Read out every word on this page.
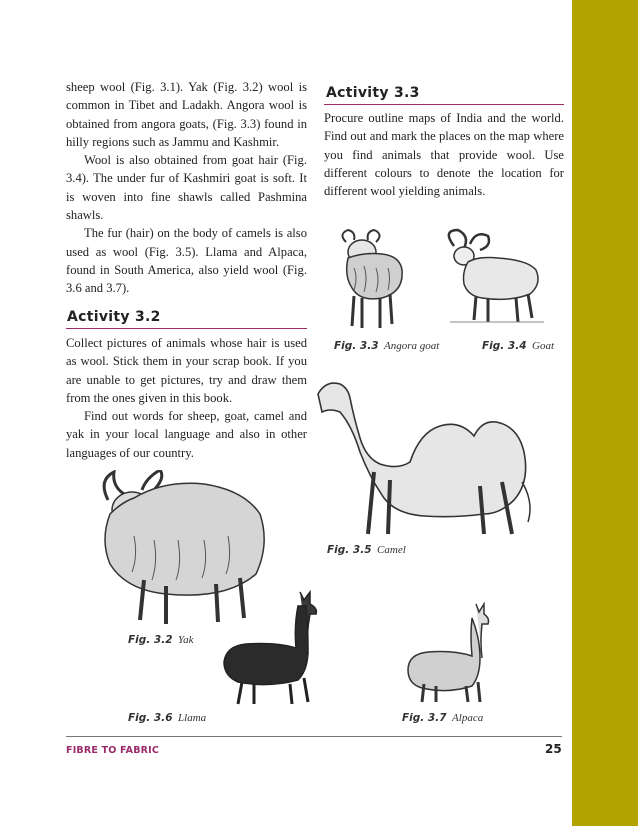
sheep wool (Fig. 3.1). Yak (Fig. 3.2) wool is common in Tibet and Ladakh. Angora wool is obtained from angora goats, (Fig. 3.3) found in hilly regions such as Jammu and Kashmir.

Wool is also obtained from goat hair (Fig. 3.4). The under fur of Kashmiri goat is soft. It is woven into fine shawls called Pashmina shawls.

The fur (hair) on the body of camels is also used as wool (Fig. 3.5). Llama and Alpaca, found in South America, also yield wool (Fig. 3.6 and 3.7).

Activity 3.2

Collect pictures of animals whose hair is used as wool. Stick them in your scrap book. If you are unable to get pictures, try and draw them from the ones given in this book.

Find out words for sheep, goat, camel and yak in your local language and also in other languages of our country.

Activity 3.3

Procure outline maps of India and the world. Find out and mark the places on the map where you find animals that provide wool. Use different colours to denote the location for different wool yielding animals.

Fig. 3.3 Angora goat	Fig. 3.4 Goat
Fig. 3.5 Camel
Fig. 3.2 Yak
Fig. 3.6 Llama	Fig. 3.7 Alpaca
FIBRE TO FABRIC	25
